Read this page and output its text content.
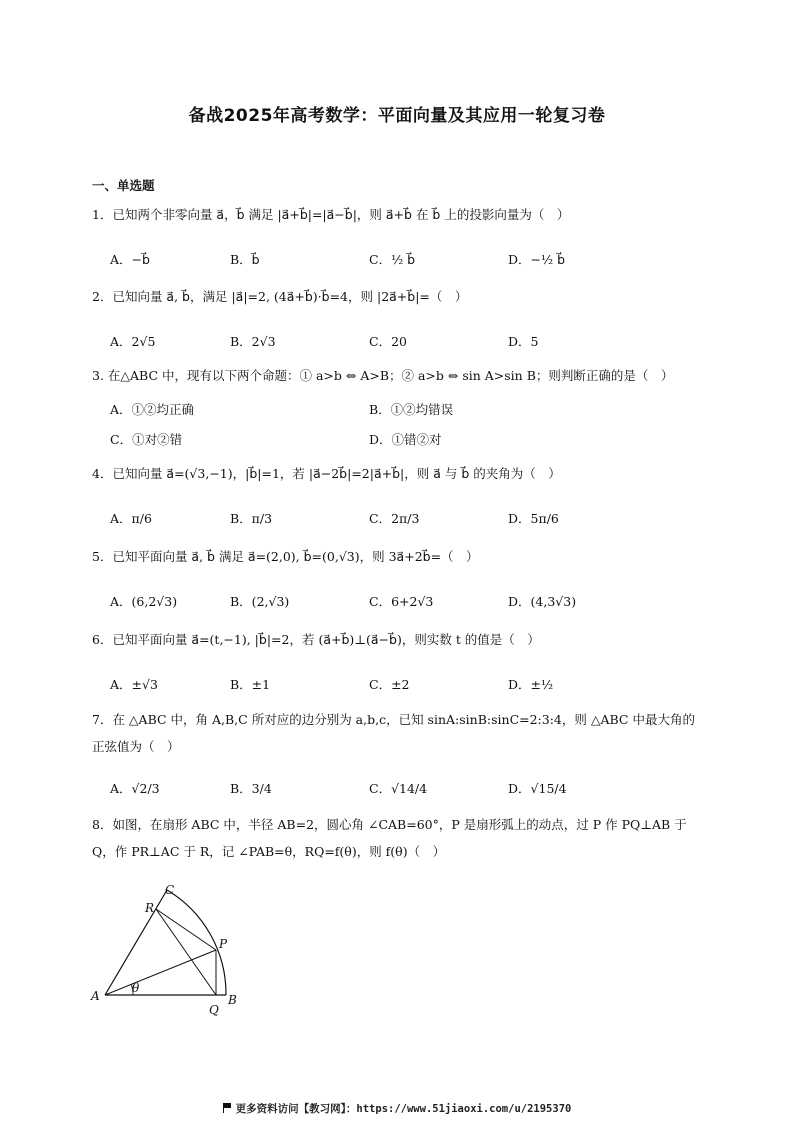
备战2025年高考数学：平面向量及其应用一轮复习卷
一、单选题
1．已知两个非零向量 a⃗，b⃗ 满足 |a⃗+b⃗|=|a⃗−b⃗|，则 a⃗+b⃗ 在 b⃗ 上的投影向量为（　）
A．−b⃗	B．b⃗	C．½ b⃗	D．−½ b⃗
2．已知向量 a⃗, b⃗，满足 |a⃗|=2, (4a⃗+b⃗)·b⃗=4，则 |2a⃗+b⃗|=（　）
A．2√5	B．2√3	C．20	D．5
3. 在△ABC 中，现有以下两个命题：① a>b ⇔ A>B；② a>b ⇔ sin A>sin B；则判断正确的是（　）
A．①②均正确	B．①②均错误
C．①对②错	D．①错②对
4．已知向量 a⃗=(√3,−1)，|b⃗|=1，若 |a⃗−2b⃗|=2|a⃗+b⃗|，则 a⃗ 与 b⃗ 的夹角为（　）
A．π/6	B．π/3	C．2π/3	D．5π/6
5．已知平面向量 a⃗, b⃗ 满足 a⃗=(2,0), b⃗=(0,√3)，则 3a⃗+2b⃗=（　）
A．(6,2√3)	B．(2,√3)	C．6+2√3	D．(4,3√3)
6．已知平面向量 a⃗=(t,−1), |b⃗|=2，若 (a⃗+b⃗)⊥(a⃗−b⃗)，则实数 t 的值是（　）
A．±√3	B．±1	C．±2	D．±½
7．在 △ABC 中，角 A,B,C 所对应的边分别为 a,b,c，已知 sinA:sinB:sinC=2:3:4，则 △ABC 中最大角的正弦值为（　）
A．√2/3	B．3/4	C．√14/4	D．√15/4
8．如图，在扇形 ABC 中，半径 AB=2，圆心角 ∠CAB=60°，P 是扇形弧上的动点，过 P 作 PQ⊥AB 于 Q，作 PR⊥AC 于 R，记 ∠PAB=θ，RQ=f(θ)，则 f(θ)（　）
A	B
C
P
Q
R
θ
更多资料访问【教习网】：https://www.51jiaoxi.com/u/2195370
